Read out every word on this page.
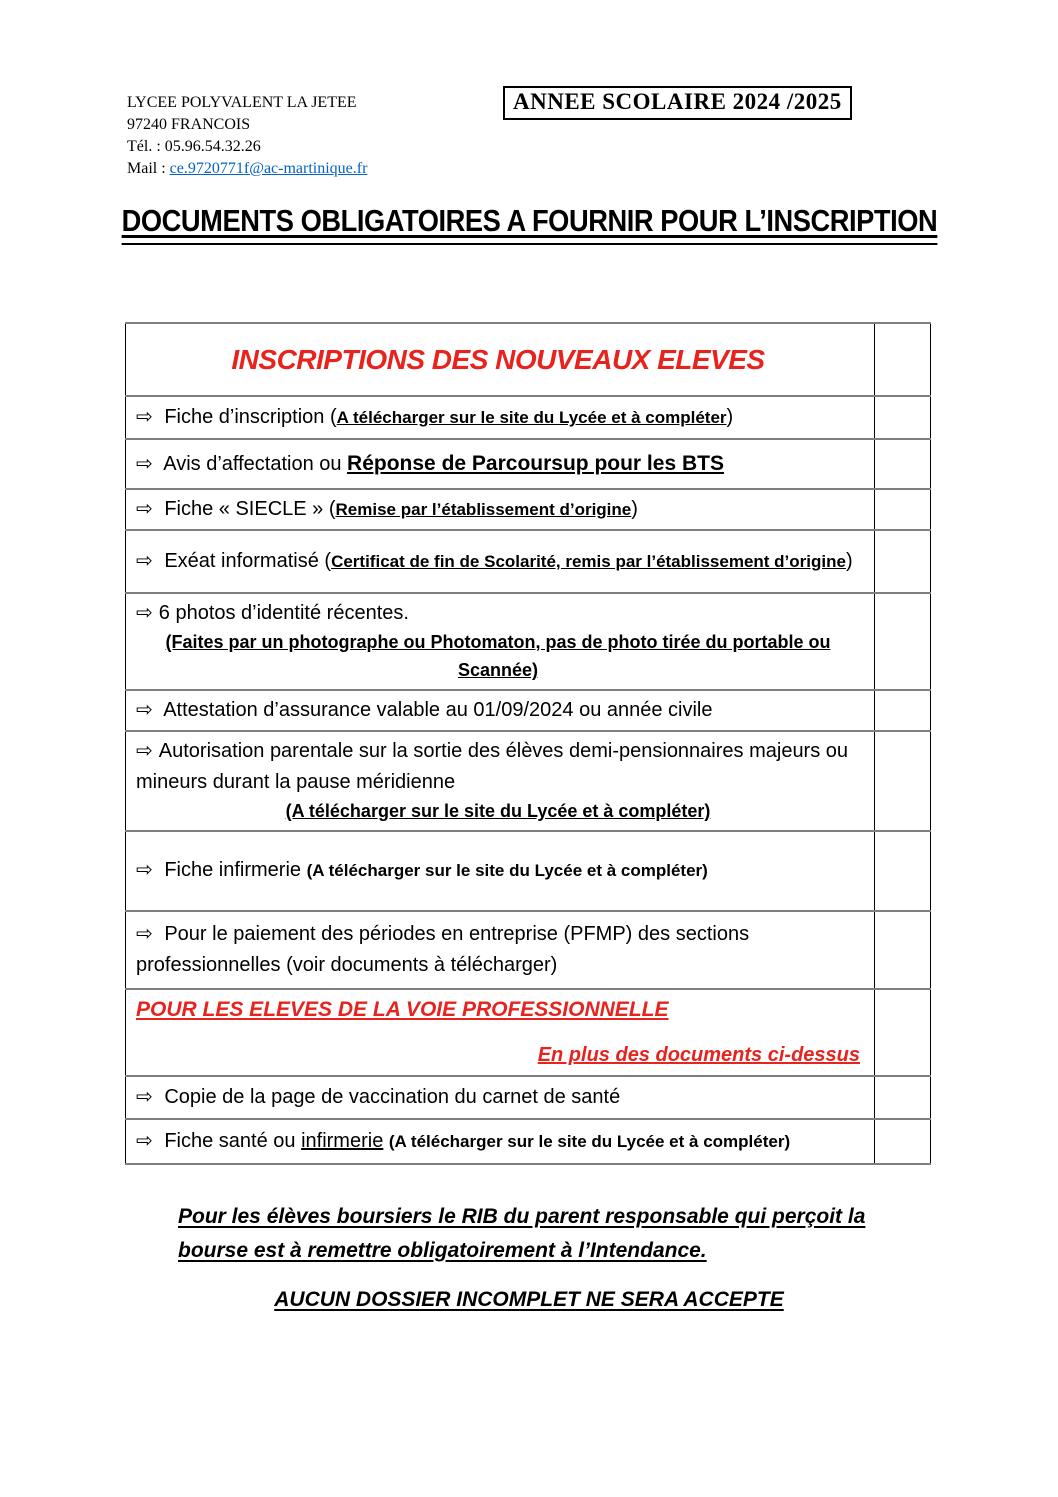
LYCEE POLYVALENT LA JETEE
97240 FRANCOIS
Tél. : 05.96.54.32.26
Mail : ce.9720771f@ac-martinique.fr
ANNEE SCOLAIRE 2024 /2025
DOCUMENTS OBLIGATOIRES A FOURNIR POUR L’INSCRIPTION
INSCRIPTIONS DES NOUVEAUX ELEVES	

⇨ Fiche d’inscription (A télécharger sur le site du Lycée et à compléter)	
⇨ Avis d’affectation ou Réponse de Parcoursup pour les BTS	
⇨ Fiche « SIECLE » (Remise par l’établissement d’origine)	
⇨ Exéat informatisé (Certificat de fin de Scolarité, remis par l’établissement d’origine)	

⇨ 6 photos d’identité récentes.
(Faites par un photographe ou Photomaton, pas de photo tirée du portable ou Scannée)	

⇨ Attestation d’assurance valable au 01/09/2024 ou année civile	

⇨ Autorisation parentale sur la sortie des élèves demi-pensionnaires majeurs ou mineurs durant la pause méridienne
(A télécharger sur le site du Lycée et à compléter)	

⇨ Fiche infirmerie (A télécharger sur le site du Lycée et à compléter)	
⇨ Pour le paiement des périodes en entreprise (PFMP) des sections professionnelles (voir documents à télécharger)	

POUR LES ELEVES DE LA VOIE PROFESSIONNELLE
En plus des documents ci-dessus	

⇨ Copie de la page de vaccination du carnet de santé	
⇨ Fiche santé ou infirmerie (A télécharger sur le site du Lycée et à compléter)	
Pour les élèves boursiers le RIB du parent responsable qui perçoit la bourse est à remettre obligatoirement à l’Intendance.
AUCUN DOSSIER INCOMPLET NE SERA ACCEPTE
